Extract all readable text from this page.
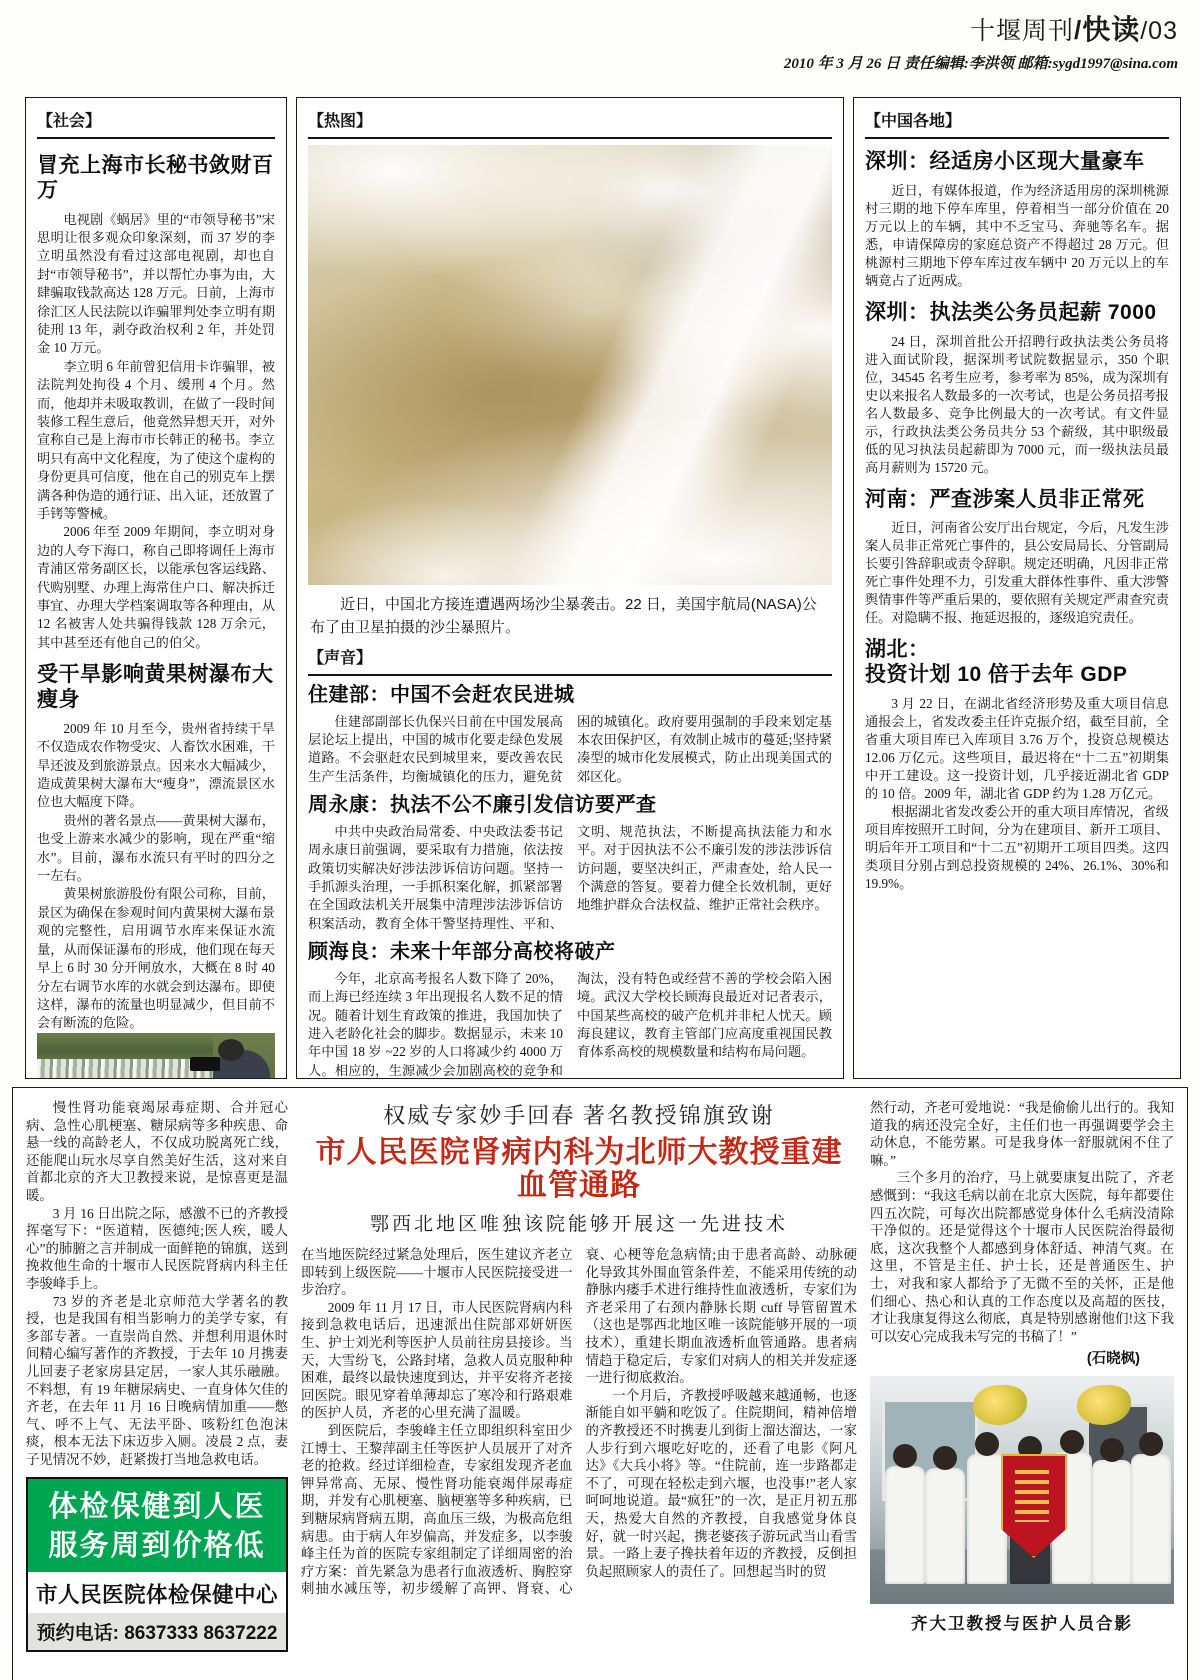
十堰周刊/快读/03
2010 年 3 月 26 日 责任编辑:李洪领 邮箱:sygd1997@sina.com
【社会】
冒充上海市长秘书敛财百万

电视剧《蜗居》里的“市领导秘书”宋思明让很多观众印象深刻，而 37 岁的李立明虽然没有看过这部电视剧，却也自封“市领导秘书”，并以帮忙办事为由，大肆骗取钱款高达 128 万元。日前，上海市徐汇区人民法院以诈骗罪判处李立明有期徒刑 13 年，剥夺政治权利 2 年，并处罚金 10 万元。

李立明 6 年前曾犯信用卡诈骗罪，被法院判处拘役 4 个月、缓刑 4 个月。然而，他却并未吸取教训，在做了一段时间装修工程生意后，他竟然异想天开，对外宣称自己是上海市市长韩正的秘书。李立明只有高中文化程度，为了使这个虚构的身份更具可信度，他在自己的别克车上摆满各种伪造的通行证、出入证，还放置了手铐等警械。

2006 年至 2009 年期间，李立明对身边的人夸下海口，称自己即将调任上海市青浦区常务副区长，以能承包客运线路、代购别墅、办理上海常住户口、解决拆迁事宜、办理大学档案调取等各种理由，从 12 名被害人处共骗得钱款 128 万余元，其中甚至还有他自己的伯父。

受干旱影响黄果树瀑布大瘦身

2009 年 10 月至今，贵州省持续干旱不仅造成农作物受灾、人畜饮水困难，干旱还波及到旅游景点。因来水大幅减少，造成黄果树大瀑布大“瘦身”，漂流景区水位也大幅度下降。

贵州的著名景点——黄果树大瀑布，也受上游来水减少的影响，现在严重“缩水”。目前，瀑布水流只有平时的四分之一左右。

黄果树旅游股份有限公司称，目前，景区为确保在参观时间内黄果树大瀑布景观的完整性，启用调节水库来保证水流量，从而保证瀑布的形成，他们现在每天早上 6 时 30 分开闸放水，大概在 8 时 40 分左右调节水库的水就会到达瀑布。即使这样，瀑布的流量也明显减少，但目前不会有断流的危险。

【热图】

近日，中国北方接连遭遇两场沙尘暴袭击。22 日，美国宇航局(NASA)公布了由卫星拍摄的沙尘暴照片。

【声音】
住建部：中国不会赶农民进城

住建部副部长仇保兴日前在中国发展高层论坛上提出，中国的城市化要走绿色发展道路。不会驱赶农民到城里来，要改善农民生产生活条件，均衡城镇化的压力，避免贫困的城镇化。政府要用强制的手段来划定基本农田保护区，有效制止城市的蔓延;坚持紧凑型的城市化发展模式，防止出现美国式的郊区化。

周永康：执法不公不廉引发信访要严查

中共中央政治局常委、中央政法委书记周永康日前强调，要采取有力措施，依法按政策切实解决好涉法涉诉信访问题。坚持一手抓源头治理，一手抓积案化解，抓紧部署在全国政法机关开展集中清理涉法涉诉信访积案活动，教育全体干警坚持理性、平和、文明、规范执法，不断提高执法能力和水平。对于因执法不公不廉引发的涉法涉诉信访问题，要坚决纠正，严肃查处，给人民一个满意的答复。要着力健全长效机制，更好地维护群众合法权益、维护正常社会秩序。

顾海良：未来十年部分高校将破产

今年，北京高考报名人数下降了 20%，而上海已经连续 3 年出现报名人数不足的情况。随着计划生育政策的推进，我国加快了进入老龄化社会的脚步。数据显示，未来 10 年中国 18 岁 ~22 岁的人口将减少约 4000 万人。相应的，生源减少会加剧高校的竞争和淘汰，没有特色或经营不善的学校会陷入困境。武汉大学校长顾海良最近对记者表示，中国某些高校的破产危机并非杞人忧天。顾海良建议，教育主管部门应高度重视国民教育体系高校的规模数量和结构布局问题。

【中国各地】
深圳：经适房小区现大量豪车

近日，有媒体报道，作为经济适用房的深圳桃源村三期的地下停车库里，停着相当一部分价值在 20 万元以上的车辆，其中不乏宝马、奔驰等名车。据悉，申请保障房的家庭总资产不得超过 28 万元。但桃源村三期地下停车库过夜车辆中 20 万元以上的车辆竟占了近两成。

深圳：执法类公务员起薪 7000

24 日，深圳首批公开招聘行政执法类公务员将进入面试阶段，据深圳考试院数据显示，350 个职位，34545 名考生应考，参考率为 85%，成为深圳有史以来报名人数最多的一次考试，也是公务员招考报名人数最多、竞争比例最大的一次考试。有文件显示，行政执法类公务员共分 53 个薪级，其中职级最低的见习执法员起薪即为 7000 元，而一级执法员最高月薪则为 15720 元。

河南：严查涉案人员非正常死

近日，河南省公安厅出台规定，今后，凡发生涉案人员非正常死亡事件的，县公安局局长、分管副局长要引咎辞职或责令辞职。规定还明确，凡因非正常死亡事件处理不力，引发重大群体性事件、重大涉警舆情事件等严重后果的，要依照有关规定严肃查究责任。对隐瞒不报、拖延迟报的，逐级追究责任。

湖北：
投资计划 10 倍于去年 GDP

3 月 22 日，在湖北省经济形势及重大项目信息通报会上，省发改委主任许克振介绍，截至目前，全省重大项目库已入库项目 3.76 万个，投资总规模达 12.06 万亿元。这些项目，最迟将在“十二五”初期集中开工建设。这一投资计划，几乎接近湖北省 GDP 的 10 倍。2009 年，湖北省 GDP 约为 1.28 万亿元。

根据湖北省发改委公开的重大项目库情况，省级项目库按照开工时间，分为在建项目、新开工项目、明后年开工项目和“十二五”初期开工项目四类。这四类项目分别占到总投资规模的 24%、26.1%、30%和 19.9%。

慢性肾功能衰竭尿毒症期、合并冠心病、急性心肌梗塞、糖尿病等多种疾患、命悬一线的高龄老人，不仅成功脱离死亡线，还能爬山玩水尽享自然美好生活，这对来自首都北京的齐大卫教授来说，是惊喜更是温暖。

3 月 16 日出院之际，感激不已的齐教授挥毫写下：“医道精，医德纯;医人疾，暖人心”的肺腑之言并制成一面鲜艳的锦旗，送到挽救他生命的十堰市人民医院肾病内科主任李骏峰手上。

73 岁的齐老是北京师范大学著名的教授，也是我国有相当影响力的美学专家，有多部专著。一直崇尚自然、并想利用退休时间精心编写著作的齐教授，于去年 10 月携妻儿回妻子老家房县定居，一家人其乐融融。不料想，有 19 年糖尿病史、一直身体欠佳的齐老，在去年 11 月 16 日晚病情加重——憋气、呼不上气、无法平卧、咳粉红色泡沫痰，根本无法下床迈步入厕。凌晨 2 点，妻子见情况不妙，赶紧拨打当地急救电话。

体检保健到人医
服务周到价格低
市人民医院体检保健中心
预约电话: 8637333 8637222
权威专家妙手回春 著名教授锦旗致谢
市人民医院肾病内科为北师大教授重建血管通路
鄂西北地区唯独该院能够开展这一先进技术

在当地医院经过紧急处理后，医生建议齐老立即转到上级医院——十堰市人民医院接受进一步治疗。

2009 年 11 月 17 日，市人民医院肾病内科接到急救电话后，迅速派出住院部邓妍妍医生、护士刘光利等医护人员前往房县接诊。当天，大雪纷飞，公路封堵，急救人员克服种种困难，最终以最快速度到达，并平安将齐老接回医院。眼见穿着单薄却忘了寒冷和行路艰难的医护人员，齐老的心里充满了温暖。

到医院后，李骏峰主任立即组织科室田少江博士、王黎萍副主任等医护人员展开了对齐老的抢救。经过详细检查，专家组发现齐老血钾异常高、无尿、慢性肾功能衰竭伴尿毒症期，并发有心肌梗塞、脑梗塞等多种疾病，已到糖尿病肾病五期，高血压三级，为极高危组病患。由于病人年岁偏高，并发症多，以李骏峰主任为首的医院专家组制定了详细周密的治疗方案：首先紧急为患者行血液透析、胸腔穿刺抽水减压等，初步缓解了高钾、肾衰、心衰、心梗等危急病情;由于患者高龄、动脉硬化导致其外围血管条件差，不能采用传统的动静脉内瘘手术进行维持性血液透析，专家们为齐老采用了右颈内静脉长期 cuff 导管留置术（这也是鄂西北地区唯一该院能够开展的一项技术），重建长期血液透析血管通路。患者病情趋于稳定后，专家们对病人的相关并发症逐一进行彻底救治。

一个月后，齐教授呼吸越来越通畅，也逐渐能自如平躺和吃饭了。住院期间，精神倍增的齐教授还不时携妻儿到街上溜达溜达，一家人步行到六堰吃好吃的，还看了电影《阿凡达》《大兵小将》等。“住院前，连一步路都走不了，可现在轻松走到六堰，也没事!”老人家呵呵地说道。最“疯狂”的一次，是正月初五那天，热爱大自然的齐教授，自我感觉身体良好，就一时兴起，携老婆孩子游玩武当山看雪景。一路上妻子搀扶着年迈的齐教授，反倒担负起照顾家人的责任了。回想起当时的贸

然行动，齐老可爱地说：“我是偷偷儿出行的。我知道我的病还没完全好，主任们也一再强调要学会主动休息，不能劳累。可是我身体一舒服就闲不住了嘛。”

三个多月的治疗，马上就要康复出院了，齐老感慨到：“我这毛病以前在北京大医院，每年都要住四五次院，可每次出院都感觉身体什么毛病没清除干净似的。还是觉得这个十堰市人民医院治得最彻底，这次我整个人都感到身体舒适、神清气爽。在这里，不管是主任、护士长，还是普通医生、护士，对我和家人都给予了无微不至的关怀，正是他们细心、热心和认真的工作态度以及高超的医技，才让我康复得这么彻底，真是特别感谢他们!这下我可以安心完成我未写完的书稿了！”

(石晓枫)
齐大卫教授与医护人员合影
